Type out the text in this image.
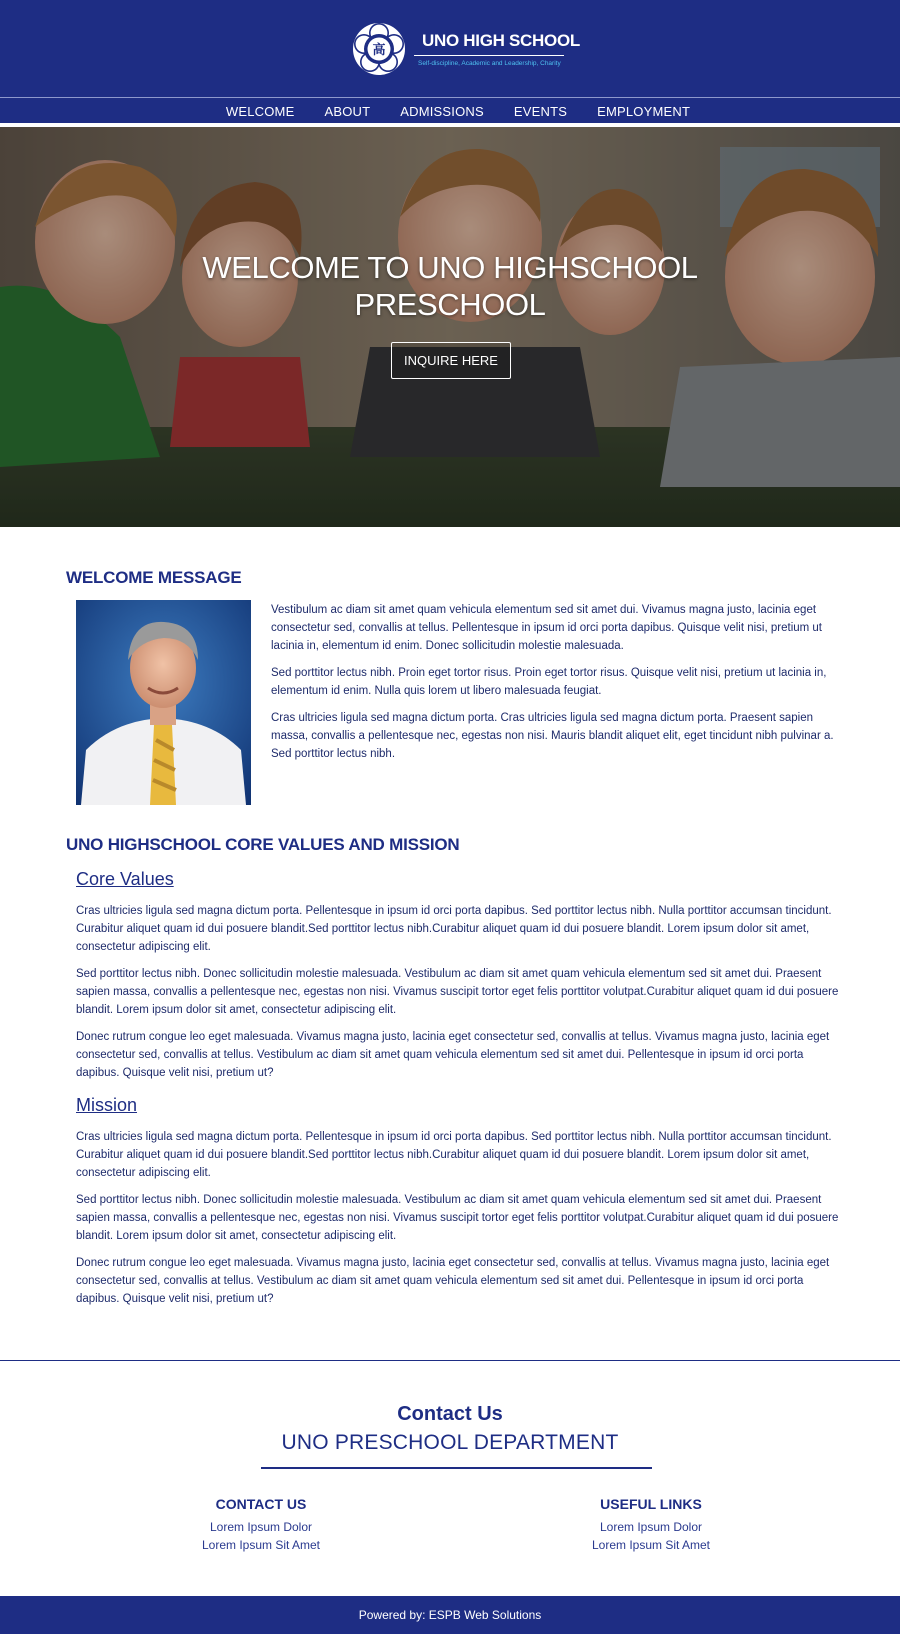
高
UNO HIGH SCHOOL
Self-discipline, Academic and Leadership, Charity
WELCOME ABOUT ADMISSIONS EVENTS EMPLOYMENT
WELCOME TO UNO HIGHSCHOOL
PRESCHOOL
INQUIRE HERE
WELCOME MESSAGE

Vestibulum ac diam sit amet quam vehicula elementum sed sit amet dui. Vivamus magna justo, lacinia eget consectetur sed, convallis at tellus. Pellentesque in ipsum id orci porta dapibus. Quisque velit nisi, pretium ut lacinia in, elementum id enim. Donec sollicitudin molestie malesuada.

Sed porttitor lectus nibh. Proin eget tortor risus. Proin eget tortor risus. Quisque velit nisi, pretium ut lacinia in, elementum id enim. Nulla quis lorem ut libero malesuada feugiat.

Cras ultricies ligula sed magna dictum porta. Cras ultricies ligula sed magna dictum porta. Praesent sapien massa, convallis a pellentesque nec, egestas non nisi. Mauris blandit aliquet elit, eget tincidunt nibh pulvinar a. Sed porttitor lectus nibh.

UNO HIGHSCHOOL CORE VALUES AND MISSION
Core Values

Cras ultricies ligula sed magna dictum porta. Pellentesque in ipsum id orci porta dapibus. Sed porttitor lectus nibh. Nulla porttitor accumsan tincidunt. Curabitur aliquet quam id dui posuere blandit.Sed porttitor lectus nibh.Curabitur aliquet quam id dui posuere blandit. Lorem ipsum dolor sit amet, consectetur adipiscing elit.

Sed porttitor lectus nibh. Donec sollicitudin molestie malesuada. Vestibulum ac diam sit amet quam vehicula elementum sed sit amet dui. Praesent sapien massa, convallis a pellentesque nec, egestas non nisi. Vivamus suscipit tortor eget felis porttitor volutpat.Curabitur aliquet quam id dui posuere blandit. Lorem ipsum dolor sit amet, consectetur adipiscing elit.

Donec rutrum congue leo eget malesuada. Vivamus magna justo, lacinia eget consectetur sed, convallis at tellus. Vivamus magna justo, lacinia eget consectetur sed, convallis at tellus. Vestibulum ac diam sit amet quam vehicula elementum sed sit amet dui. Pellentesque in ipsum id orci porta dapibus. Quisque velit nisi, pretium ut?

Mission

Cras ultricies ligula sed magna dictum porta. Pellentesque in ipsum id orci porta dapibus. Sed porttitor lectus nibh. Nulla porttitor accumsan tincidunt. Curabitur aliquet quam id dui posuere blandit.Sed porttitor lectus nibh.Curabitur aliquet quam id dui posuere blandit. Lorem ipsum dolor sit amet, consectetur adipiscing elit.

Sed porttitor lectus nibh. Donec sollicitudin molestie malesuada. Vestibulum ac diam sit amet quam vehicula elementum sed sit amet dui. Praesent sapien massa, convallis a pellentesque nec, egestas non nisi. Vivamus suscipit tortor eget felis porttitor volutpat.Curabitur aliquet quam id dui posuere blandit. Lorem ipsum dolor sit amet, consectetur adipiscing elit.

Donec rutrum congue leo eget malesuada. Vivamus magna justo, lacinia eget consectetur sed, convallis at tellus. Vivamus magna justo, lacinia eget consectetur sed, convallis at tellus. Vestibulum ac diam sit amet quam vehicula elementum sed sit amet dui. Pellentesque in ipsum id orci porta dapibus. Quisque velit nisi, pretium ut?

Contact Us
UNO PRESCHOOL DEPARTMENT
CONTACT US
Lorem Ipsum Dolor
Lorem Ipsum Sit Amet
USEFUL LINKS
Lorem Ipsum Dolor
Lorem Ipsum Sit Amet
Powered by: ESPB Web Solutions
